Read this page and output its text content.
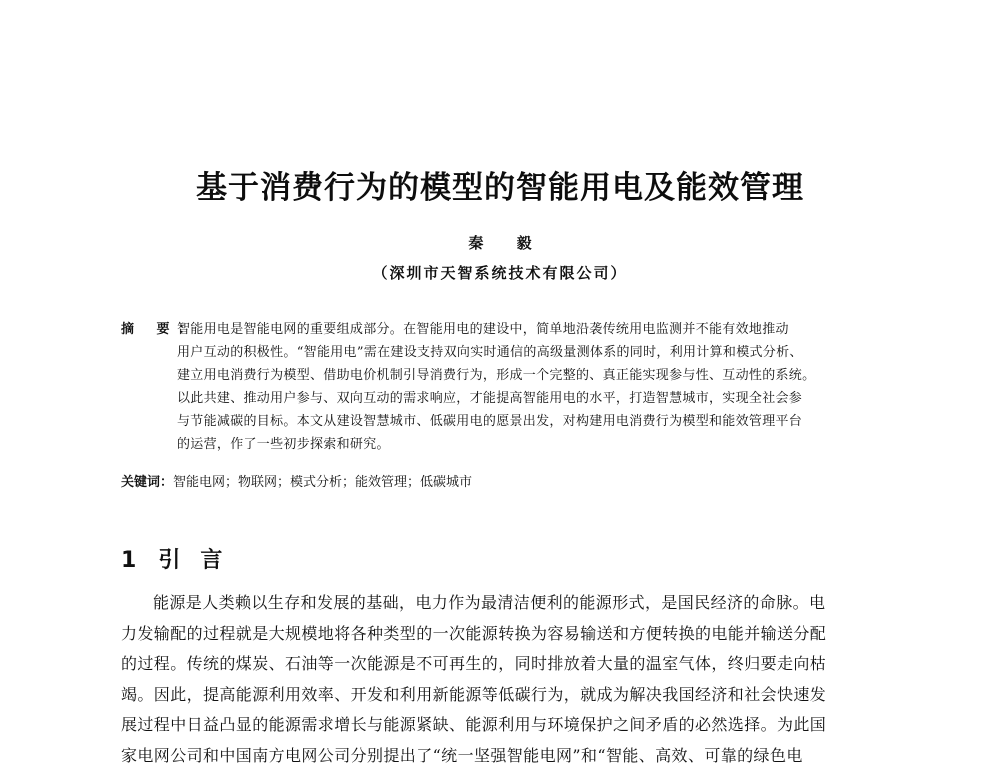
基于消费行为的模型的智能用电及能效管理
秦 毅
（深圳市天智系统技术有限公司）
摘 要：
智能用电是智能电网的重要组成部分。在智能用电的建设中，简单地沿袭传统用电监测并不能有效地推动
用户互动的积极性。“智能用电”需在建设支持双向实时通信的高级量测体系的同时，利用计算和模式分析、
建立用电消费行为模型、借助电价机制引导消费行为，形成一个完整的、真正能实现参与性、互动性的系统。
以此共建、推动用户参与、双向互动的需求响应，才能提高智能用电的水平，打造智慧城市，实现全社会参
与节能减碳的目标。本文从建设智慧城市、低碳用电的愿景出发，对构建用电消费行为模型和能效管理平台
的运营，作了一些初步探索和研究。
关键词：智能电网；物联网；模式分析；能效管理；低碳城市
1 引言
能源是人类赖以生存和发展的基础，电力作为最清洁便利的能源形式，是国民经济的命脉。电
力发输配的过程就是大规模地将各种类型的一次能源转换为容易输送和方便转换的电能并输送分配
的过程。传统的煤炭、石油等一次能源是不可再生的，同时排放着大量的温室气体，终归要走向枯
竭。因此，提高能源利用效率、开发和利用新能源等低碳行为，就成为解决我国经济和社会快速发
展过程中日益凸显的能源需求增长与能源紧缺、能源利用与环境保护之间矛盾的必然选择。为此国
家电网公司和中国南方电网公司分别提出了“统一坚强智能电网”和“智能、高效、可靠的绿色电
